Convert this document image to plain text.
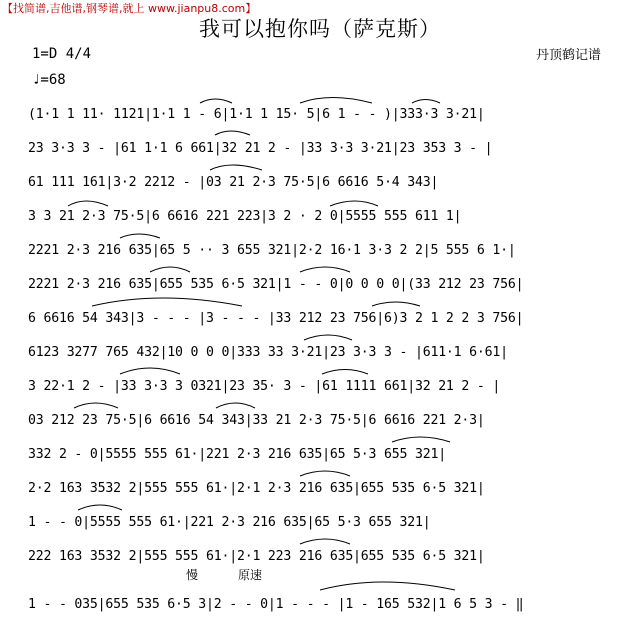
【找简谱,吉他谱,钢琴谱,就上 www.jianpu8.com】
我可以抱你吗（萨克斯）
1=D 4/4
♩=68
丹顶鹤记谱
(1·1 1 11· 1121|1·1 1 - 6|1·1 1 15· 5|6 1 - - )|333·3 3·21|
23 3·3 3 - |61 1·1 6 661|32 21 2 - |33 3·3 3·21|23 353 3 - |
61 111 161|3·2 2212 - |03 21 2·3 75·5|6 6616 5·4 343|
3 3 21 2·3 75·5|6 6616 221 223|3 2 · 2 0|5555 555 611 1|
2221 2·3 216 635|65 5 ·· 3 655 321|2·2 16·1 3·3 2 2|5 555 6 1·|
2221 2·3 216 635|655 535 6·5 321|1 - - 0|0 0 0 0|(33 212 23 756|
6 6616 54 343|3 - - - |3 - - - |33 212 23 756|6)3 2 1 2 2 3 756|
6123 3277 765 432|10 0 0 0|333 33 3·21|23 3·3 3 - |611·1 6·61|
3 22·1 2 - |33 3·3 3 0321|23 35· 3 - |61 1111 661|32 21 2 - |
03 212 23 75·5|6 6616 54 343|33 21 2·3 75·5|6 6616 221 2·3|
332 2 - 0|5555 555 61·|221 2·3 216 635|65 5·3 655 321|
2·2 163 3532 2|555 555 61·|2·1 2·3 216 635|655 535 6·5 321|
1 - - 0|5555 555 61·|221 2·3 216 635|65 5·3 655 321|
222 163 3532 2|555 555 61·|2·1 223 216 635|655 535 6·5 321|
1 - - 035|655 535 6·5 3|2 - - 0|1 - - - |1 - 165 532|1 6 5 3 - ‖
慢	原速
